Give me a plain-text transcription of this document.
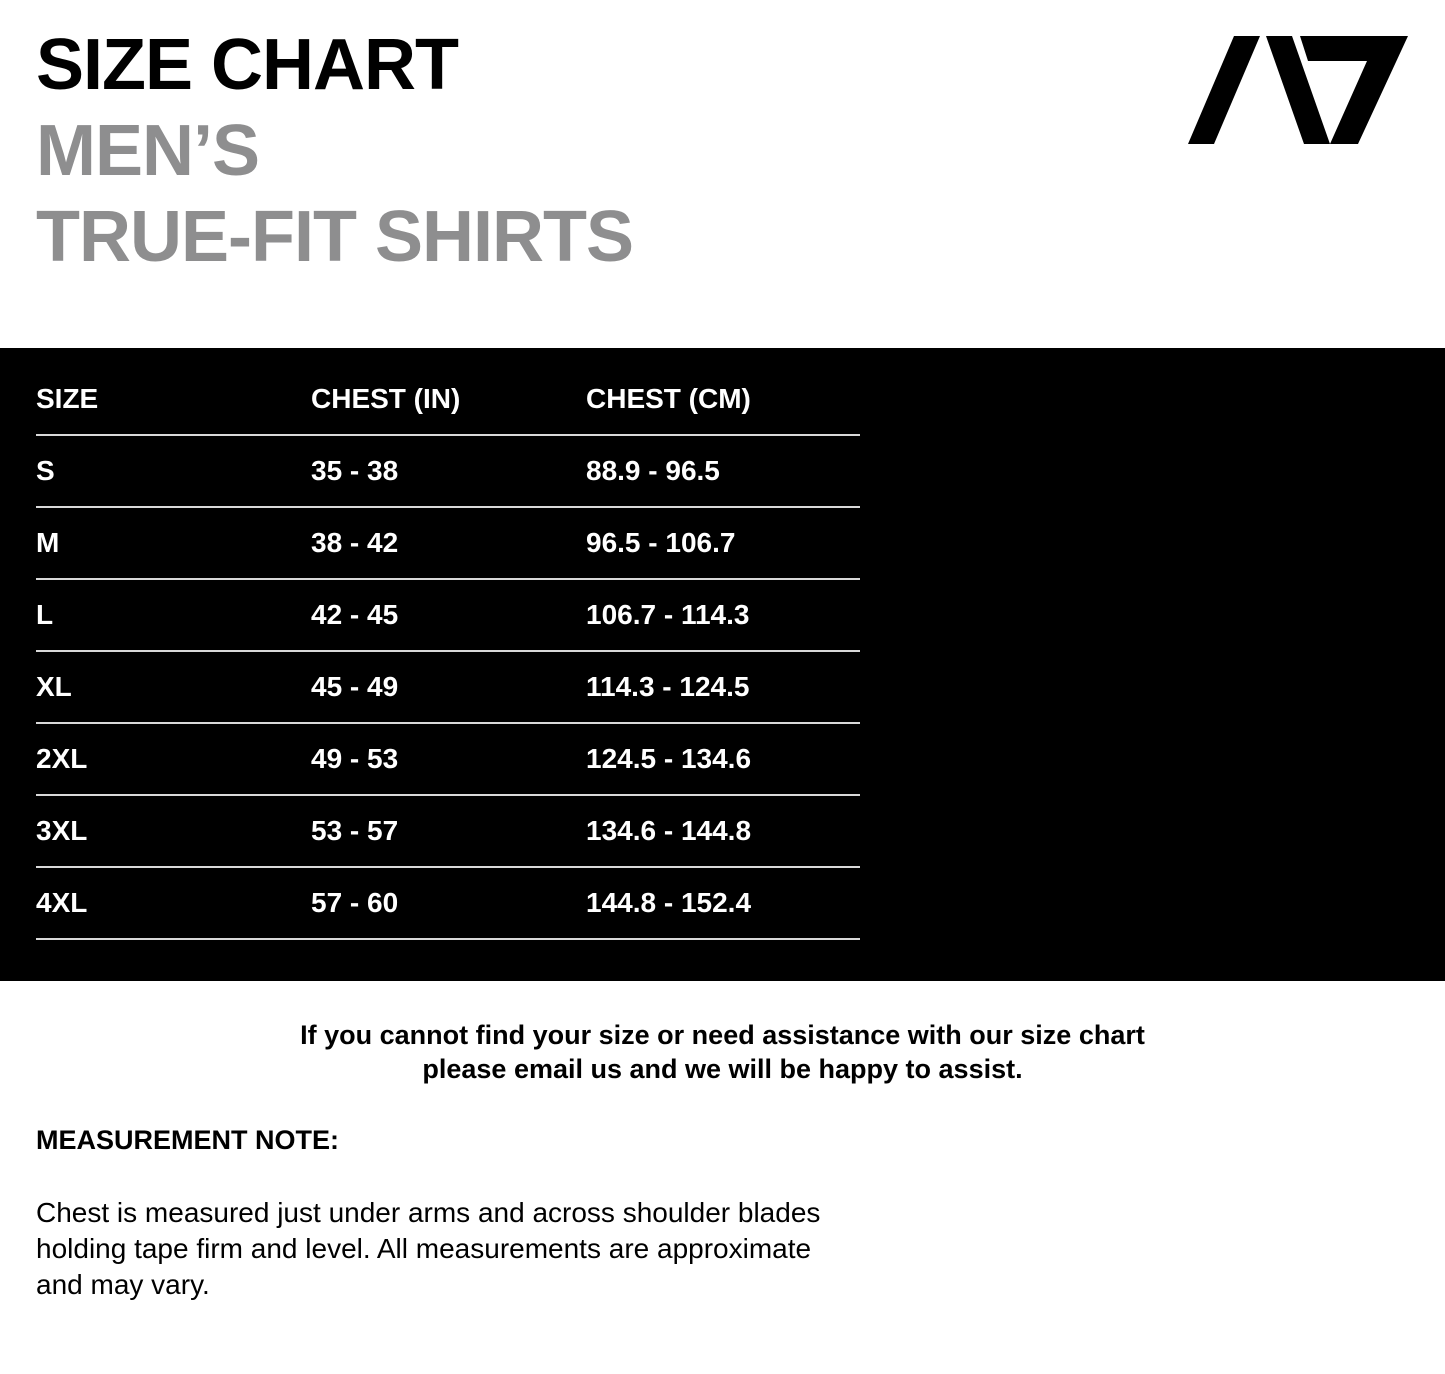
SIZE CHART
MEN’S
TRUE-FIT SHIRTS
SIZE	CHEST (IN)	CHEST (CM)
S	35 - 38	88.9 - 96.5
M	38 - 42	96.5 - 106.7
L	42 - 45	106.7 - 114.3
XL	45 - 49	114.3 - 124.5
2XL	49 - 53	124.5 - 134.6
3XL	53 - 57	134.6 - 144.8
4XL	57 - 60	144.8 - 152.4
If you cannot find your size or need assistance with our size chart
please email us and we will be happy to assist.
MEASUREMENT NOTE:
Chest is measured just under arms and across shoulder blades
holding tape firm and level. All measurements are approximate
and may vary.
